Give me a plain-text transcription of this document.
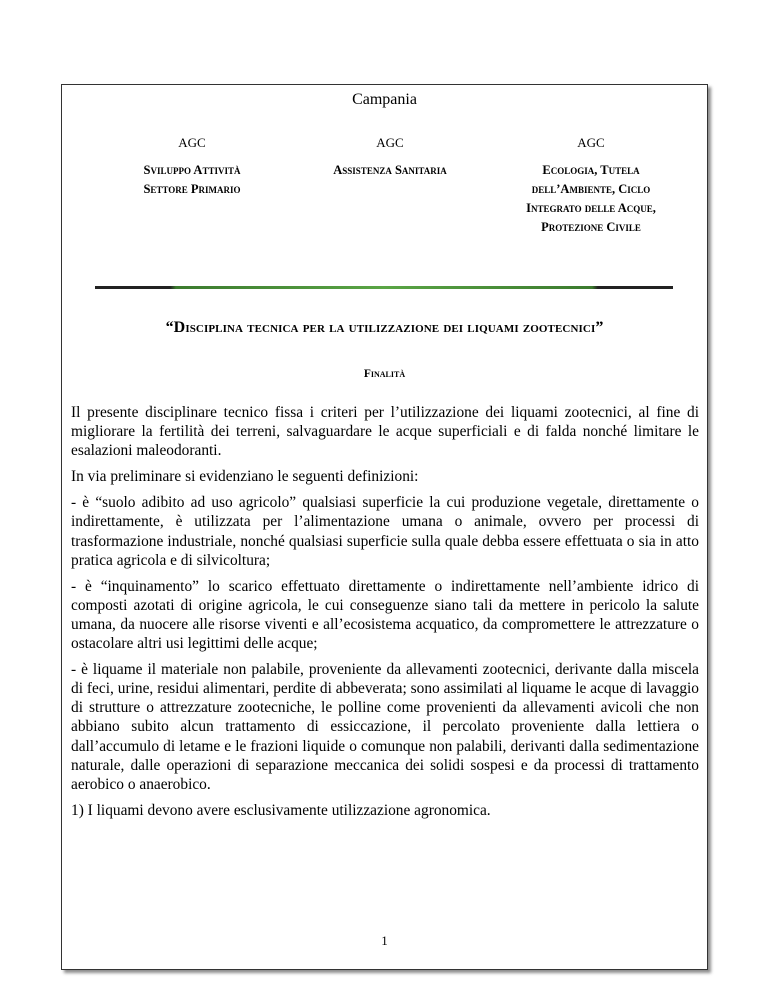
Campania
AGC
Sviluppo Attività
Settore Primario
AGC
Assistenza Sanitaria
AGC
Ecologia, Tutela
dell’Ambiente, Ciclo
Integrato delle Acque,
Protezione Civile
“Disciplina tecnica per la utilizzazione dei liquami zootecnici”
Finalità

Il presente disciplinare tecnico fissa i criteri per l’utilizzazione dei liquami zootecnici, al fine di migliorare la fertilità dei terreni, salvaguardare le acque superficiali e di falda nonché limitare le esalazioni maleodoranti.

In via preliminare si evidenziano le seguenti definizioni:

- è “suolo adibito ad uso agricolo” qualsiasi superficie la cui produzione vegetale, direttamente o indirettamente, è utilizzata per l’alimentazione umana o animale, ovvero per processi di trasformazione industriale, nonché qualsiasi superficie sulla quale debba essere effettuata o sia in atto pratica agricola e di silvicoltura;

- è “inquinamento” lo scarico effettuato direttamente o indirettamente nell’ambiente idrico di composti azotati di origine agricola, le cui conseguenze siano tali da mettere in pericolo la salute umana, da nuocere alle risorse viventi e all’ecosistema acquatico, da compromettere le attrezzature o ostacolare altri usi legittimi delle acque;

- è liquame il materiale non palabile, proveniente da allevamenti zootecnici, derivante dalla miscela di feci, urine, residui alimentari, perdite di abbeverata; sono assimilati al liquame le acque di lavaggio di strutture o attrezzature zootecniche, le polline come provenienti da allevamenti avicoli che non abbiano subito alcun trattamento di essiccazione, il percolato proveniente dalla lettiera o dall’accumulo di letame e le frazioni liquide o comunque non palabili, derivanti dalla sedimentazione naturale, dalle operazioni di separazione meccanica dei solidi sospesi e da processi di trattamento aerobico o anaerobico.

1) I liquami devono avere esclusivamente utilizzazione agronomica.

1
